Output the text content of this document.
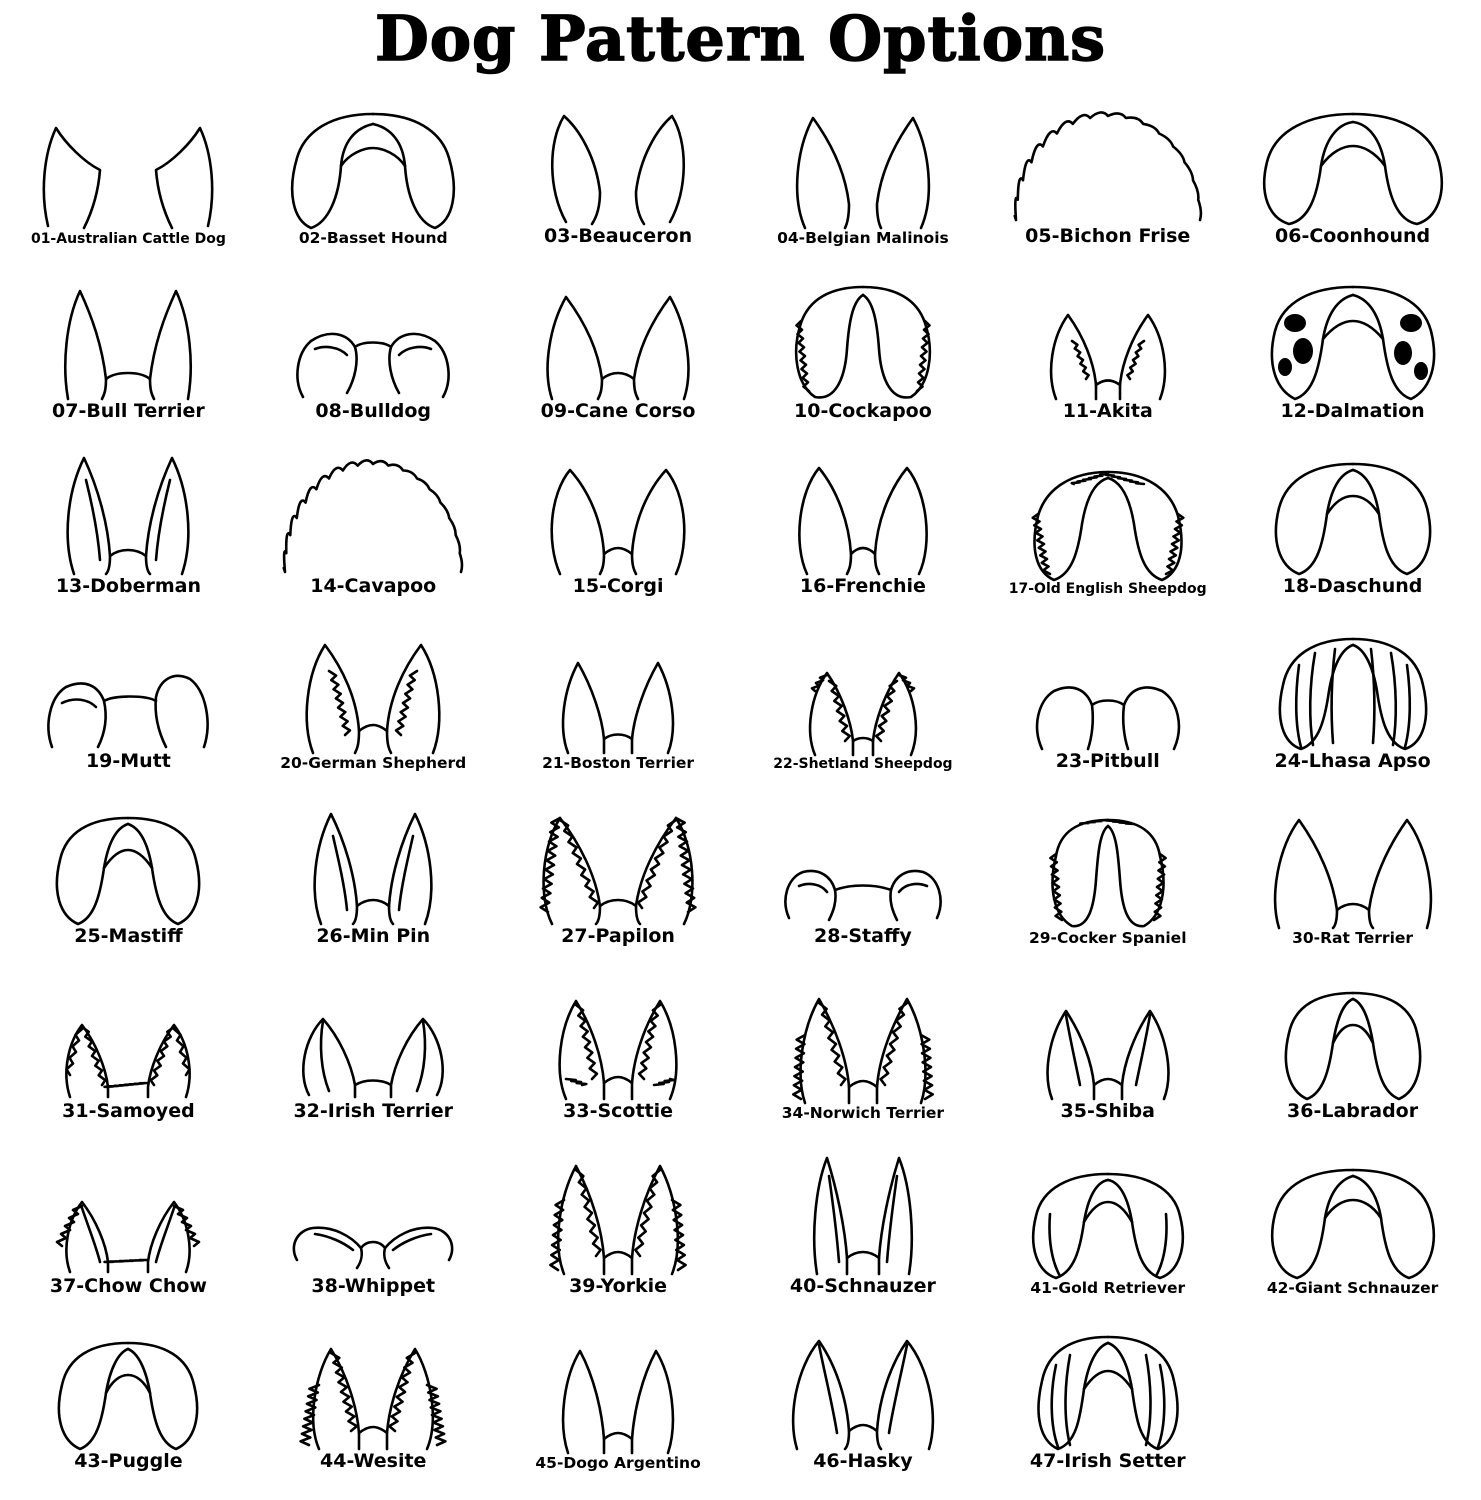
Dog Pattern Options
01-Australian Cattle Dog	02-Basset Hound	03-Beauceron	04-Belgian Malinois	05-Bichon Frise	06-Coonhound
07-Bull Terrier	08-Bulldog	09-Cane Corso	10-Cockapoo	11-Akita	12-Dalmation
13-Doberman	14-Cavapoo	15-Corgi	16-Frenchie	17-Old English Sheepdog	18-Daschund
19-Mutt	20-German Shepherd	21-Boston Terrier	22-Shetland Sheepdog	23-Pitbull	24-Lhasa Apso
25-Mastiff	26-Min Pin	27-Papilon	28-Staffy	29-Cocker Spaniel	30-Rat Terrier
31-Samoyed	32-Irish Terrier	33-Scottie	34-Norwich Terrier	35-Shiba	36-Labrador
37-Chow Chow	38-Whippet	39-Yorkie	40-Schnauzer	41-Gold Retriever	42-Giant Schnauzer
43-Puggle	44-Wesite	45-Dogo Argentino	46-Hasky	47-Irish Setter
